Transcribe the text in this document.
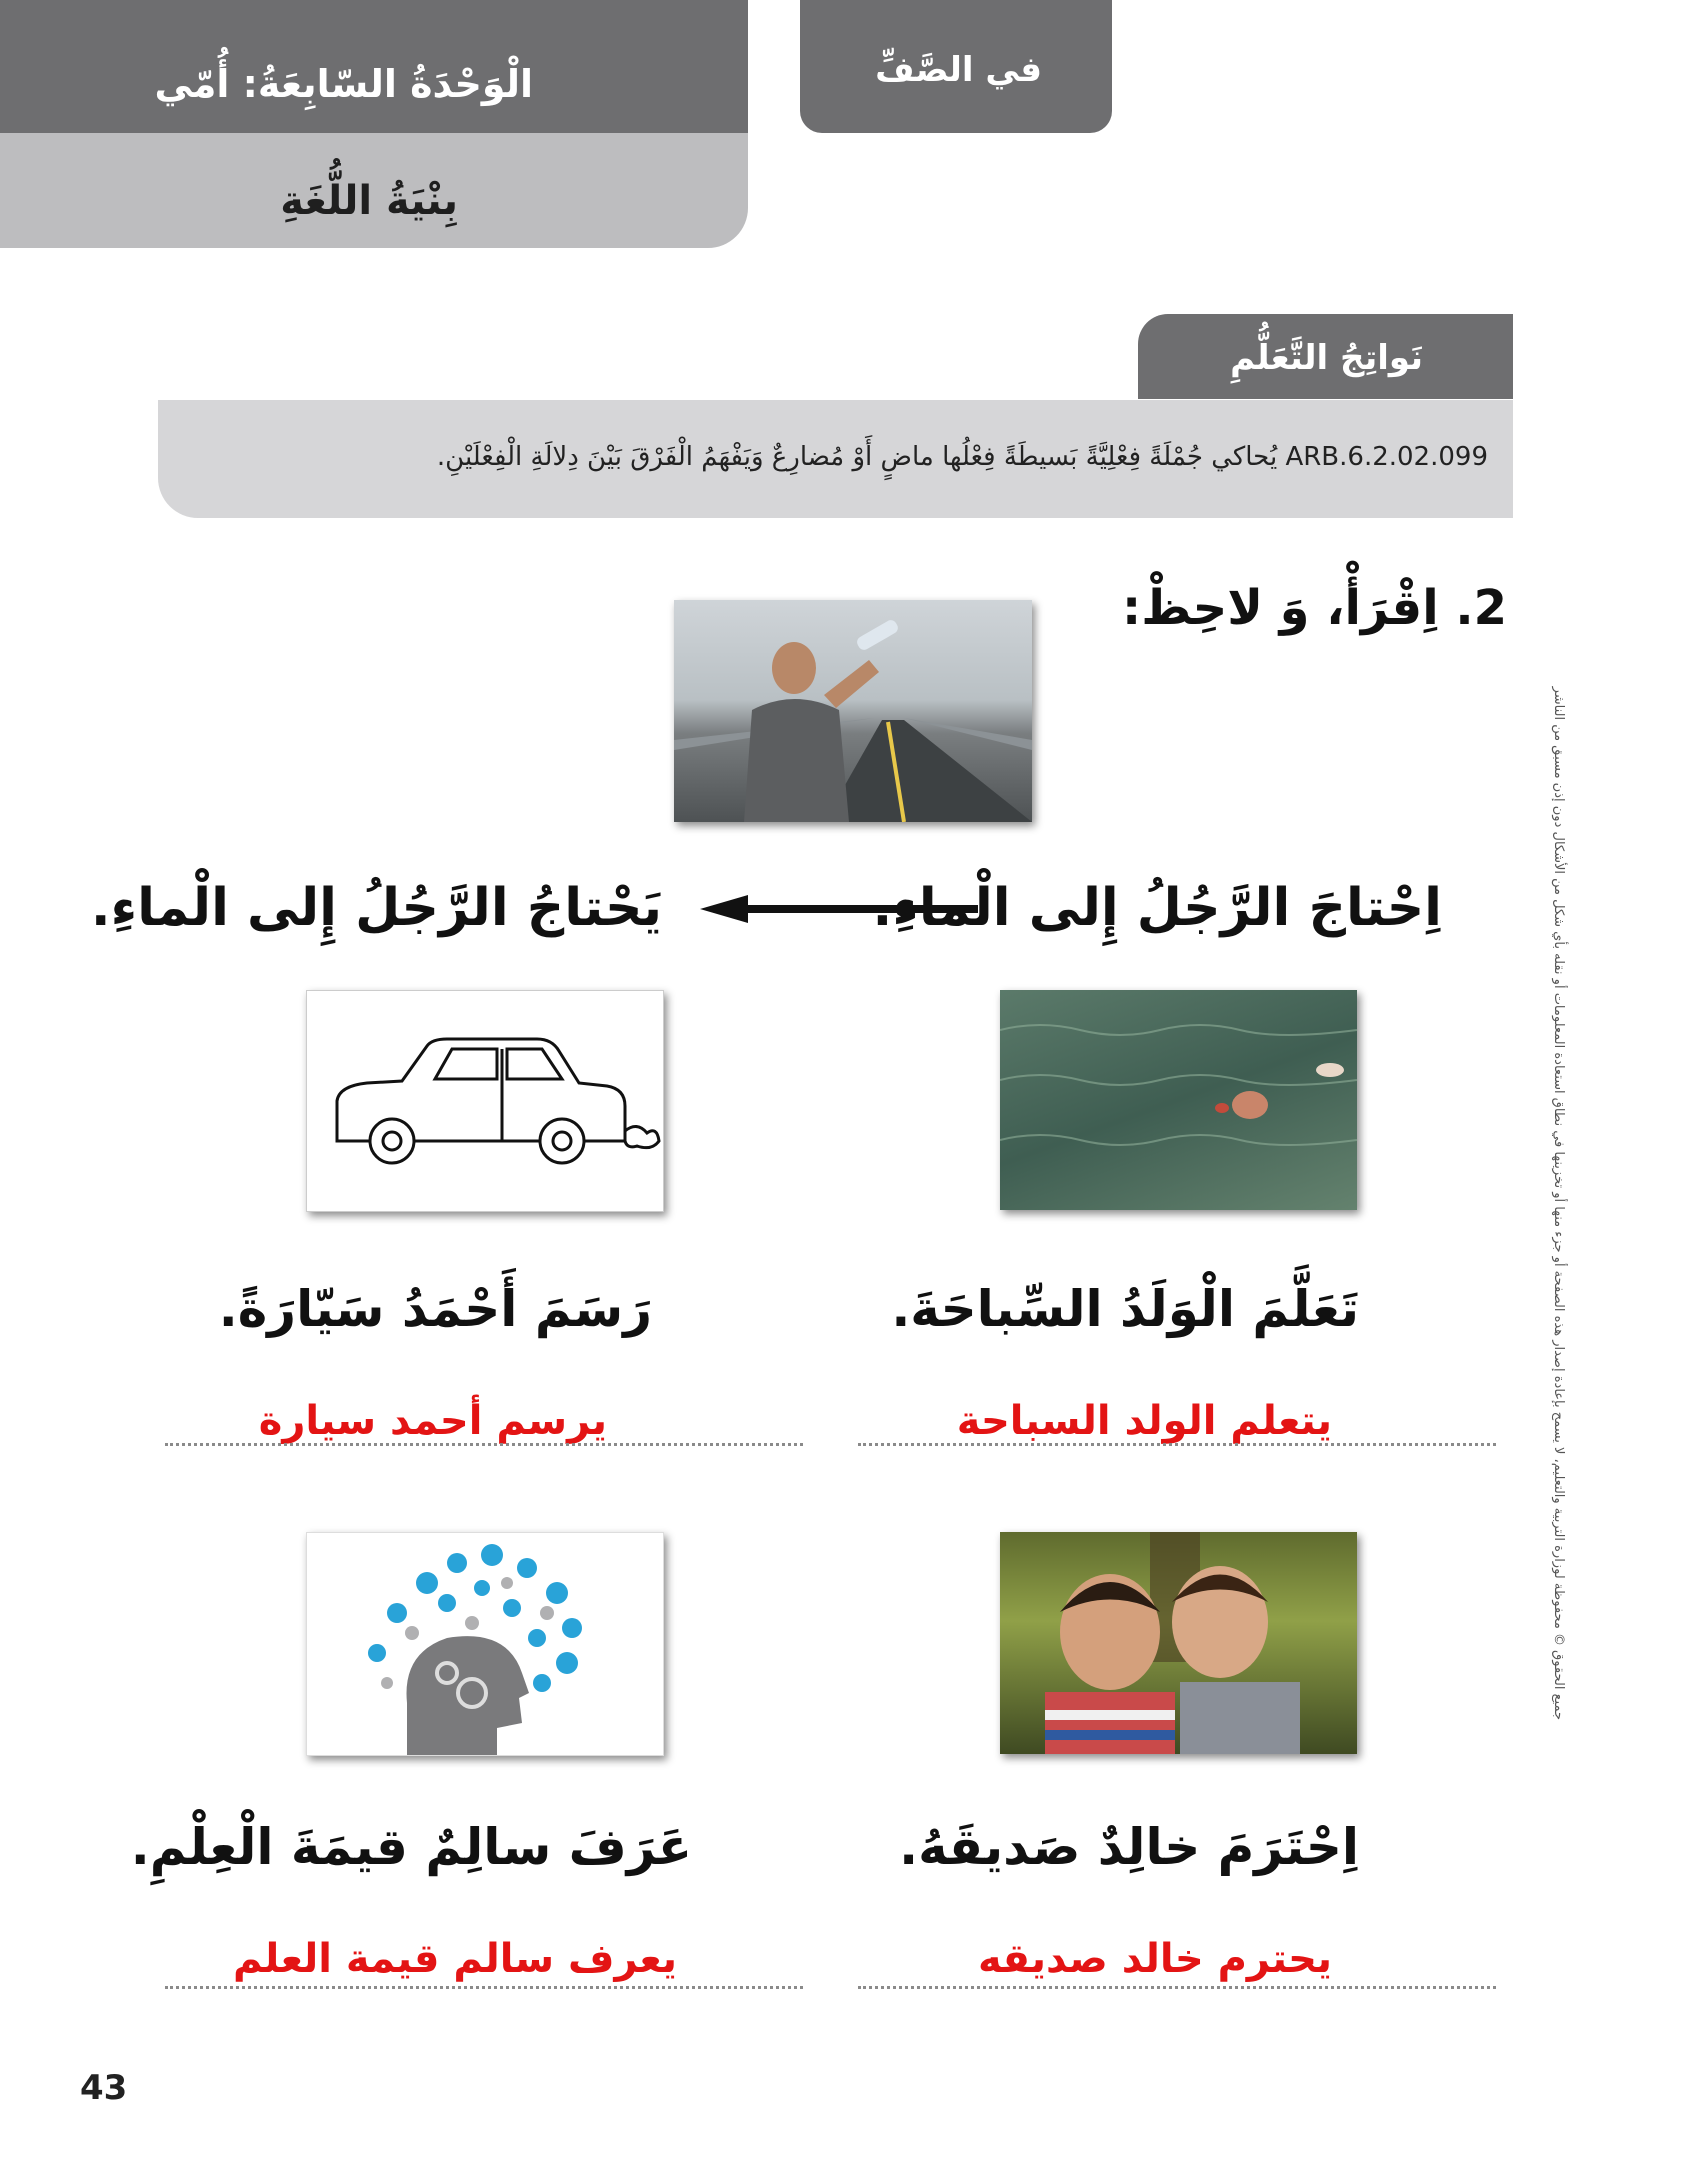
في الصَّفِّ
الْوَحْدَةُ السّابِعَةُ: أُمّي
بِنْيَةُ اللُّغَةِ
نَواتِجُ التَّعَلُّمِ
ARB.6.2.02.099 يُحاكي جُمْلَةً فِعْلِيَّةً بَسيطَةً فِعْلُها ماضٍ أَوْ مُضارِعٌ وَيَفْهَمُ الْفَرْقَ بَيْنَ دِلالَةِ الْفِعْلَيْنِ.
جميع الحقوق © محفوظة لوزارة التربية والتعليم، لا يسمح بإعادة إصدار هذه الصفحة أو جزء منها أو تخزينها في نطاق استعادة المعلومات أو نقله بأي شكل من الأشكال دون إذن مسبق من الناشر
2. اِقْرَأْ، وَ لاحِظْ:
اِحْتاجَ الرَّجُلُ إِلى الْماءِ.
يَحْتاجُ الرَّجُلُ إِلى الْماءِ.
تَعَلَّمَ الْوَلَدُ السِّباحَةَ.
يتعلم الولد السباحة
رَسَمَ أَحْمَدُ سَيّارَةً.
يرسم أحمد سيارة
اِحْتَرَمَ خالِدٌ صَديقَهُ.
يحترم خالد صديقه
عَرَفَ سالِمٌ قيمَةَ الْعِلْمِ.
يعرف سالم قيمة العلم
43
